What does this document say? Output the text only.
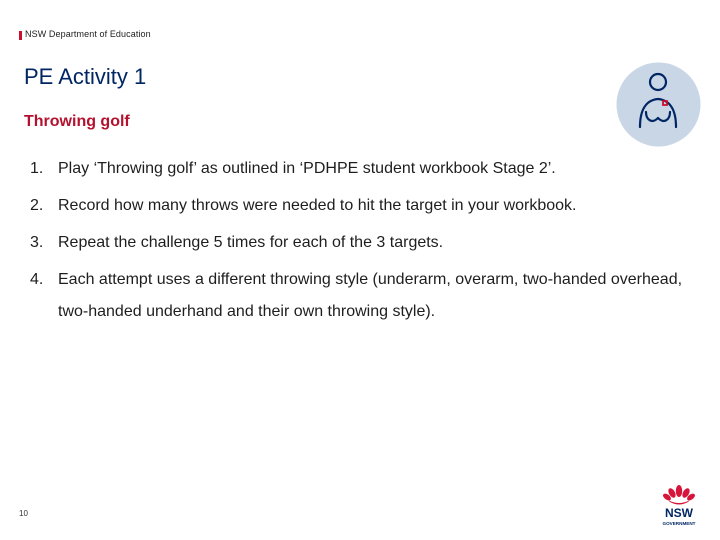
NSW Department of Education
PE Activity 1
Throwing golf
1. Play ‘Throwing golf’ as outlined in ‘PDHPE student workbook Stage 2’.
2. Record how many throws were needed to hit the target in your workbook.
3. Repeat the challenge 5 times for each of the 3 targets.
4. Each attempt uses a different throwing style (underarm, overarm, two-handed overhead, two-handed underhand and their own throwing style).
10	NSW
GOVERNMENT
